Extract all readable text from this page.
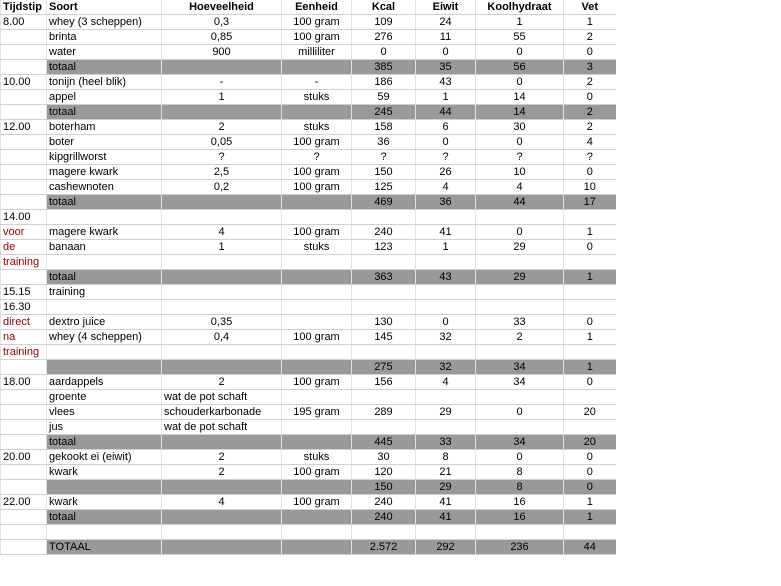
Tijdstip	Soort	Hoeveelheid	Eenheid	Kcal	Eiwit	Koolhydraat	Vet
8.00	whey (3 scheppen)	0,3	100 gram	109	24	1	1
	brinta	0,85	100 gram	276	11	55	2
	water	900	milliliter	0	0	0	0
	totaal			385	35	56	3
10.00	tonijn (heel blik)	-	-	186	43	0	2
	appel	1	stuks	59	1	14	0
	totaal			245	44	14	2
12.00	boterham	2	stuks	158	6	30	2
	boter	0,05	100 gram	36	0	0	4
	kipgrillworst	?	?	?	?	?	?
	magere kwark	2,5	100 gram	150	26	10	0
	cashewnoten	0,2	100 gram	125	4	4	10
	totaal			469	36	44	17
14.00							
voor	magere kwark	4	100 gram	240	41	0	1
de	banaan	1	stuks	123	1	29	0
training							
	totaal			363	43	29	1
15.15	training						
16.30							
direct	dextro juice	0,35		130	0	33	0
na	whey (4 scheppen)	0,4	100 gram	145	32	2	1
training							
				275	32	34	1
18.00	aardappels	2	100 gram	156	4	34	0
	groente	wat de pot schaft					
	vlees	schouderkarbonade	195 gram	289	29	0	20
	jus	wat de pot schaft					
	totaal			445	33	34	20
20.00	gekookt ei (eiwit)	2	stuks	30	8	0	0
	kwark	2	100 gram	120	21	8	0
				150	29	8	0
22.00	kwark	4	100 gram	240	41	16	1
	totaal			240	41	16	1

	TOTAAL			2.572	292	236	44
